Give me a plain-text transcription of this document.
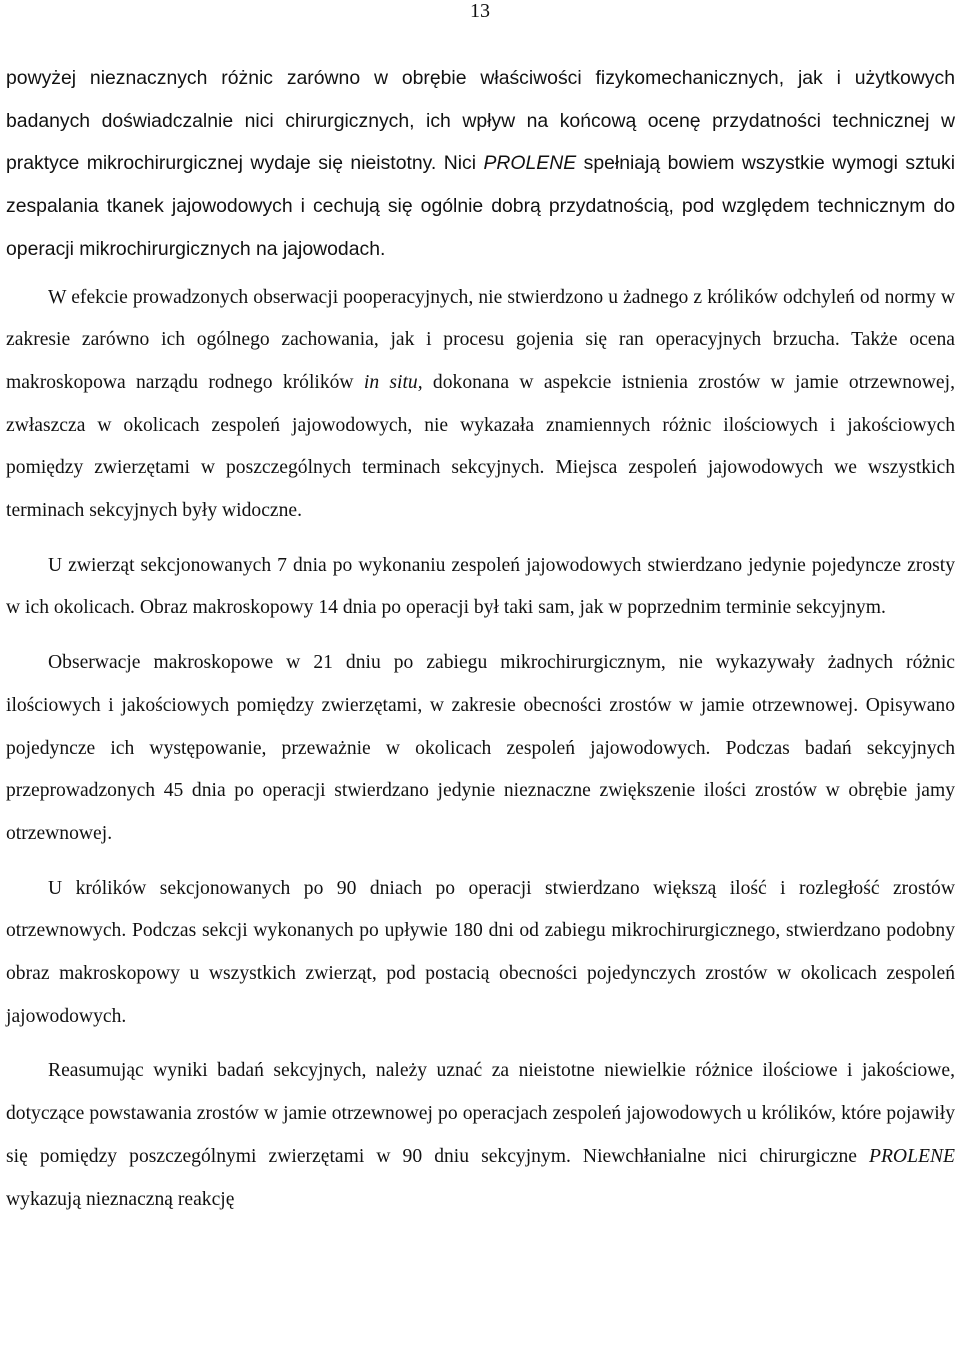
13

powyżej nieznacznych różnic zarówno w obrębie właściwości fizykomechanicznych, jak i użytkowych badanych doświadczalnie nici chirurgicznych, ich wpływ na końcową ocenę przydatności technicznej w praktyce mikrochirurgicznej wydaje się nieistotny. Nici PROLENE spełniają bowiem wszystkie wymogi sztuki zespalania tkanek jajowodowych i cechują się ogólnie dobrą przydatnością, pod względem technicznym do operacji mikrochirurgicznych na jajowodach.

W efekcie prowadzonych obserwacji pooperacyjnych, nie stwierdzono u żadnego z królików odchyleń od normy w zakresie zarówno ich ogólnego zachowania, jak i procesu gojenia się ran operacyjnych brzucha. Także ocena makroskopowa narządu rodnego królików in situ, dokonana w aspekcie istnienia zrostów w jamie otrzewnowej, zwłaszcza w okolicach zespoleń jajowodowych, nie wykazała znamiennych różnic ilościowych i jakościowych pomiędzy zwierzętami w poszczególnych terminach sekcyjnych. Miejsca zespoleń jajowodowych we wszystkich terminach sekcyjnych były widoczne.

U zwierząt sekcjonowanych 7 dnia po wykonaniu zespoleń jajowodowych stwierdzano jedynie pojedyncze zrosty w ich okolicach. Obraz makroskopowy 14 dnia po operacji był taki sam, jak w poprzednim terminie sekcyjnym.

Obserwacje makroskopowe w 21 dniu po zabiegu mikrochirurgicznym, nie wykazywały żadnych różnic ilościowych i jakościowych pomiędzy zwierzętami, w zakresie obecności zrostów w jamie otrzewnowej. Opisywano pojedyncze ich występowanie, przeważnie w okolicach zespoleń jajowodowych. Podczas badań sekcyjnych przeprowadzonych 45 dnia po operacji stwierdzano jedynie nieznaczne zwiększenie ilości zrostów w obrębie jamy otrzewnowej.

U królików sekcjonowanych po 90 dniach po operacji stwierdzano większą ilość i rozległość zrostów otrzewnowych. Podczas sekcji wykonanych po upływie 180 dni od zabiegu mikrochirurgicznego, stwierdzano podobny obraz makroskopowy u wszystkich zwierząt, pod postacią obecności pojedynczych zrostów w okolicach zespoleń jajowodowych.

Reasumując wyniki badań sekcyjnych, należy uznać za nieistotne niewielkie różnice ilościowe i jakościowe, dotyczące powstawania zrostów w jamie otrzewnowej po operacjach zespoleń jajowodowych u królików, które pojawiły się pomiędzy poszczególnymi zwierzętami w 90 dniu sekcyjnym. Niewchłanialne nici chirurgiczne PROLENE wykazują nieznaczną reakcję
